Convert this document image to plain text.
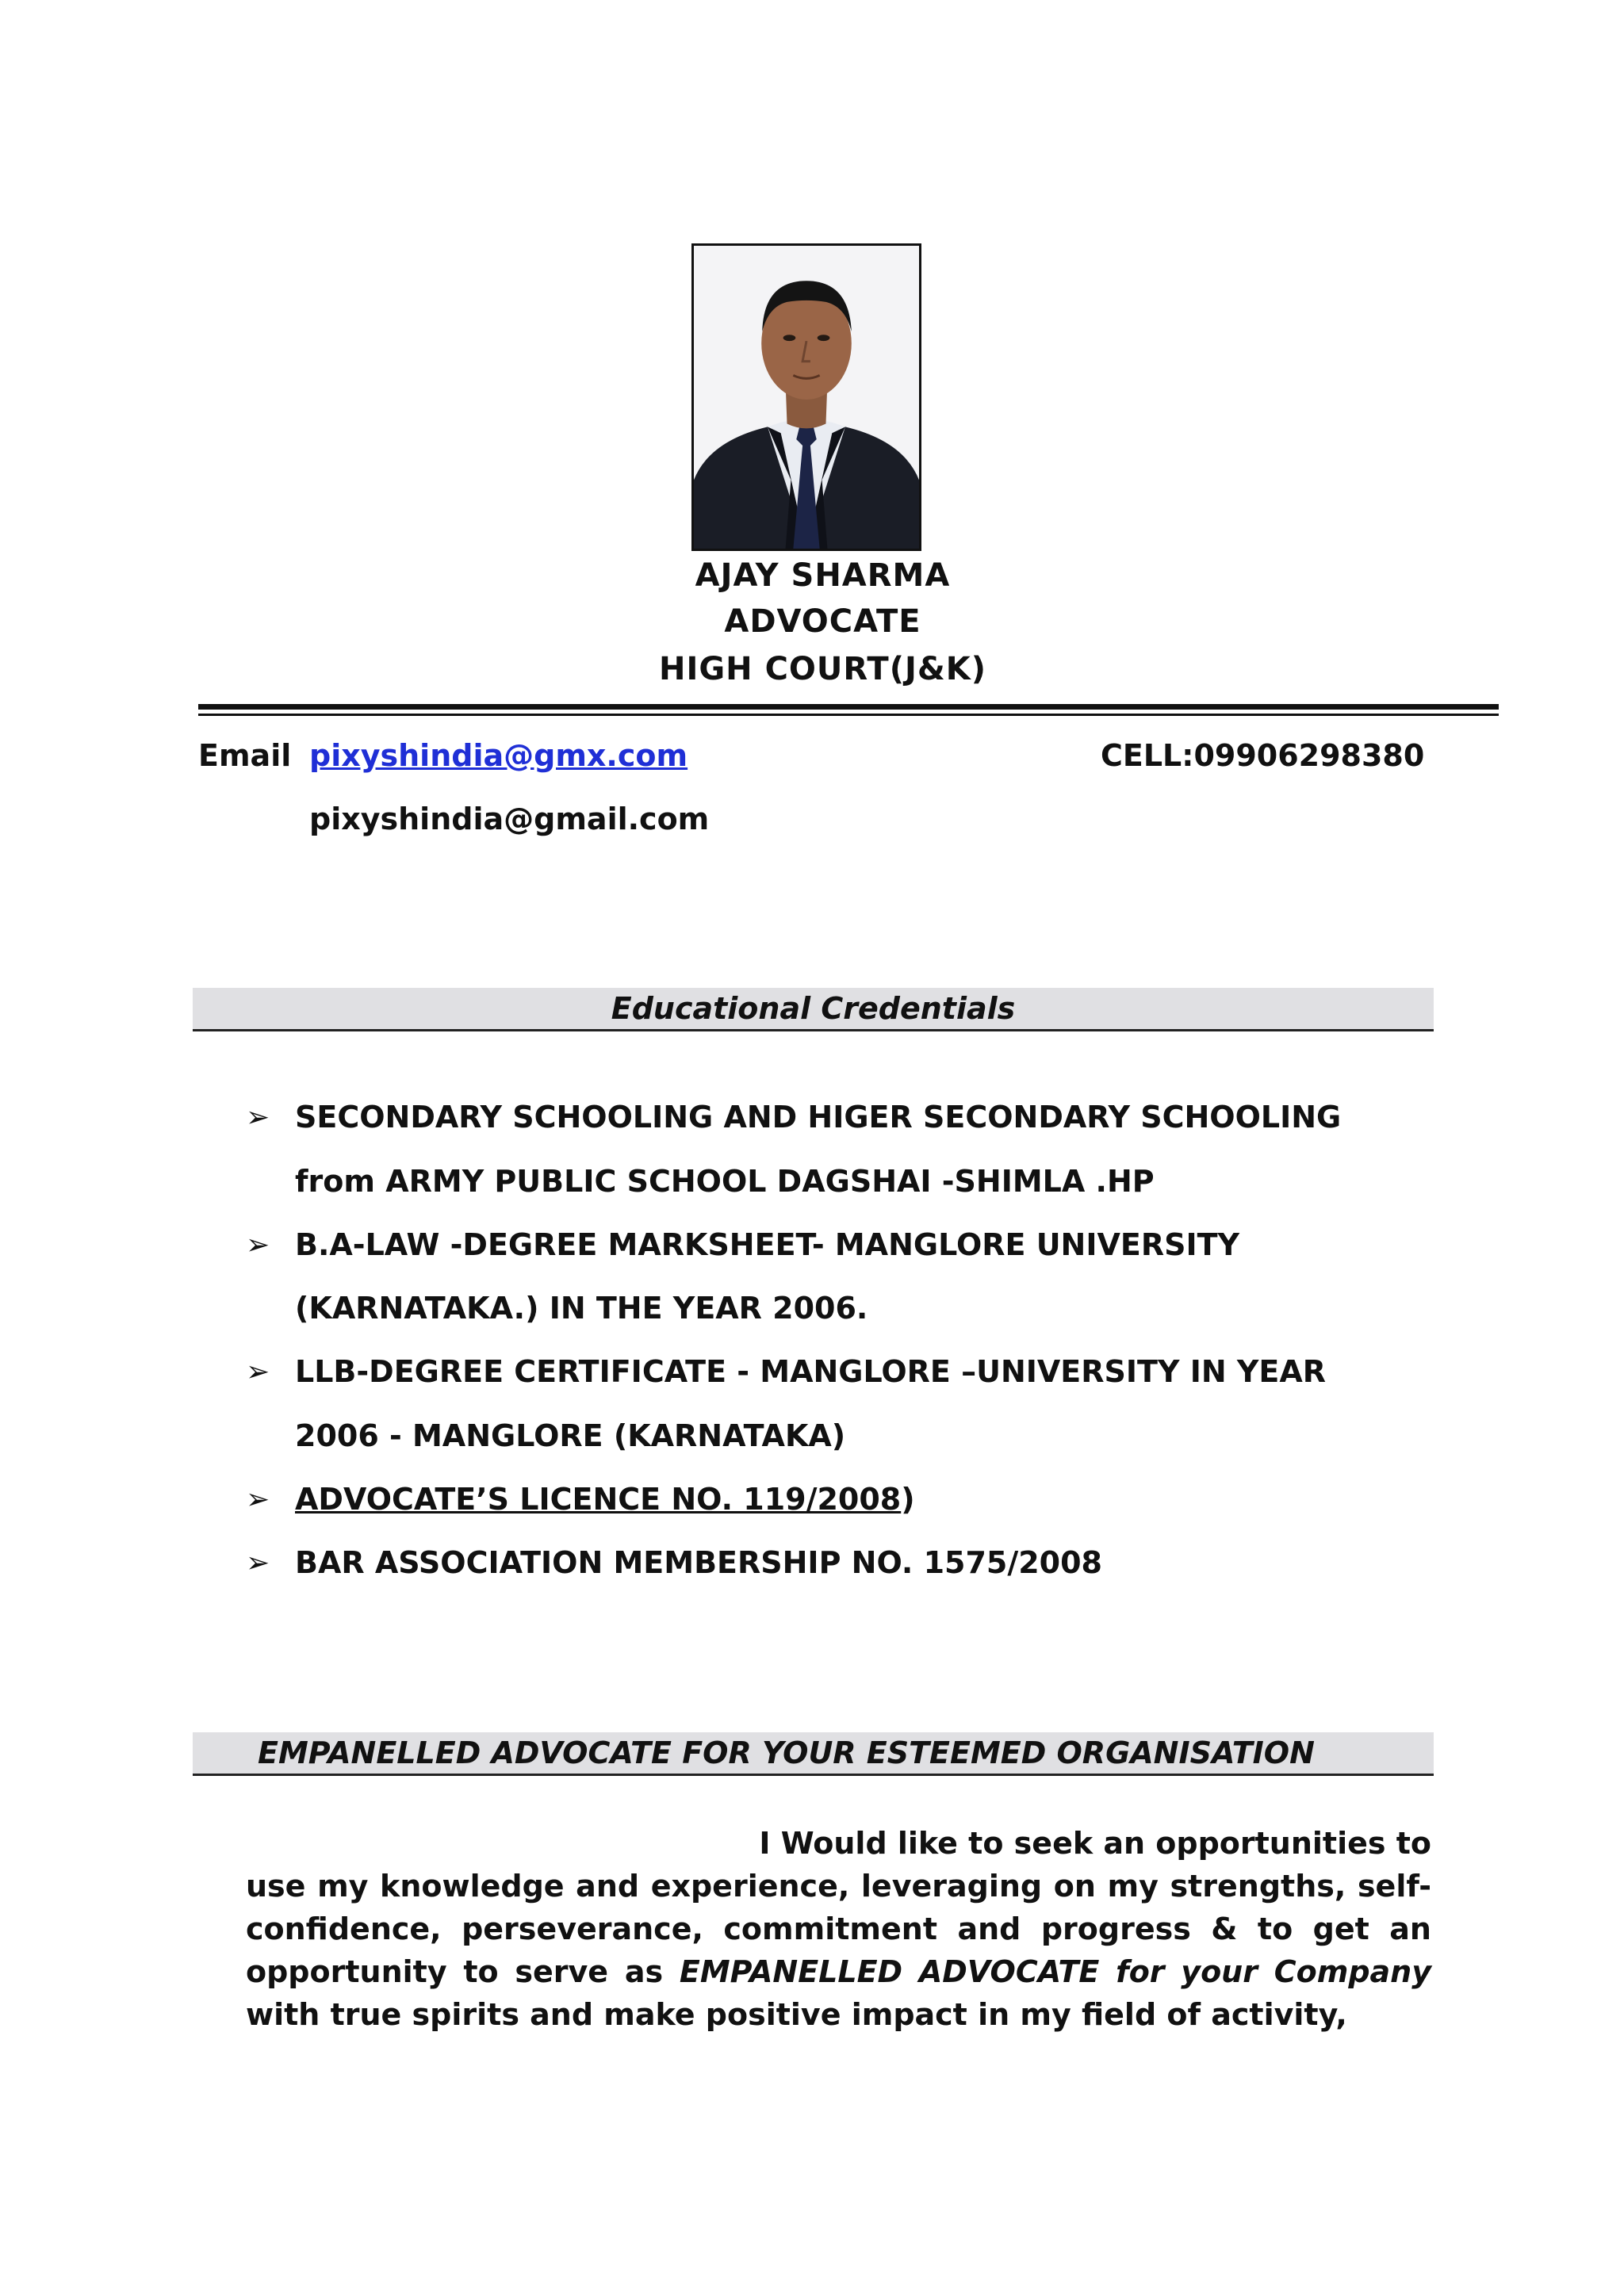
AJAY SHARMA
ADVOCATE
HIGH COURT(J&K)
Email pixyshindia@gmx.com	CELL:09906298380
pixyshindia@gmail.com
Educational Credentials
➢ SECONDARY SCHOOLING AND HIGER SECONDARY SCHOOLING
from ARMY PUBLIC SCHOOL DAGSHAI -SHIMLA .HP
➢ B.A-LAW -DEGREE MARKSHEET- MANGLORE UNIVERSITY
(KARNATAKA.) IN THE YEAR 2006.
➢ LLB-DEGREE CERTIFICATE - MANGLORE –UNIVERSITY IN YEAR
2006 - MANGLORE (KARNATAKA)
➢ ADVOCATE’S LICENCE NO. 119/2008)
➢ BAR ASSOCIATION MEMBERSHIP NO. 1575/2008
EMPANELLED ADVOCATE FOR YOUR ESTEEMED ORGANISATION
I Would like to seek an opportunities to
use my knowledge and experience, leveraging on my strengths, self-confidence, perseverance, commitment and progress & to get an opportunity to serve as EMPANELLED ADVOCATE for your Company with true spirits and make positive impact in my field of activity,
